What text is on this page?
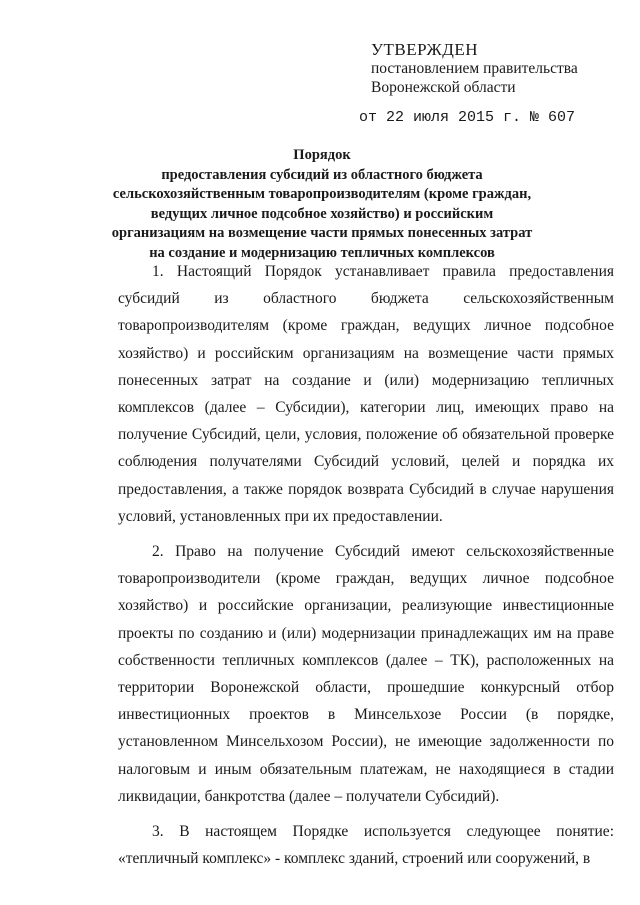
УТВЕРЖДЕН
постановлением правительства
Воронежской области
от 22 июля 2015 г. № 607
Порядок
предоставления субсидий из областного бюджета сельскохозяйственным товаропроизводителям (кроме граждан, ведущих личное подсобное хозяйство) и российским организациям на возмещение части прямых понесенных затрат на создание и модернизацию тепличных комплексов

1. Настоящий Порядок устанавливает правила предоставления субсидий из областного бюджета сельскохозяйственным товаропроизводителям (кроме граждан, ведущих личное подсобное хозяйство) и российским организациям на возмещение части прямых понесенных затрат на создание и (или) модернизацию тепличных комплексов (далее – Субсидии), категории лиц, имеющих право на получение Субсидий, цели, условия, положение об обязательной проверке соблюдения получателями Субсидий условий, целей и порядка их предоставления, а также порядок возврата Субсидий в случае нарушения условий, установленных при их предоставлении.

2. Право на получение Субсидий имеют сельскохозяйственные товаропроизводители (кроме граждан, ведущих личное подсобное хозяйство) и российские организации, реализующие инвестиционные проекты по созданию и (или) модернизации принадлежащих им на праве собственности тепличных комплексов (далее – ТК), расположенных на территории Воронежской области, прошедшие конкурсный отбор инвестиционных проектов в Минсельхозе России (в порядке, установленном Минсельхозом России), не имеющие задолженности по налоговым и иным обязательным платежам, не находящиеся в стадии ликвидации, банкротства (далее – получатели Субсидий).

3. В настоящем Порядке используется следующее понятие: «тепличный комплекс» - комплекс зданий, строений или сооружений, в
